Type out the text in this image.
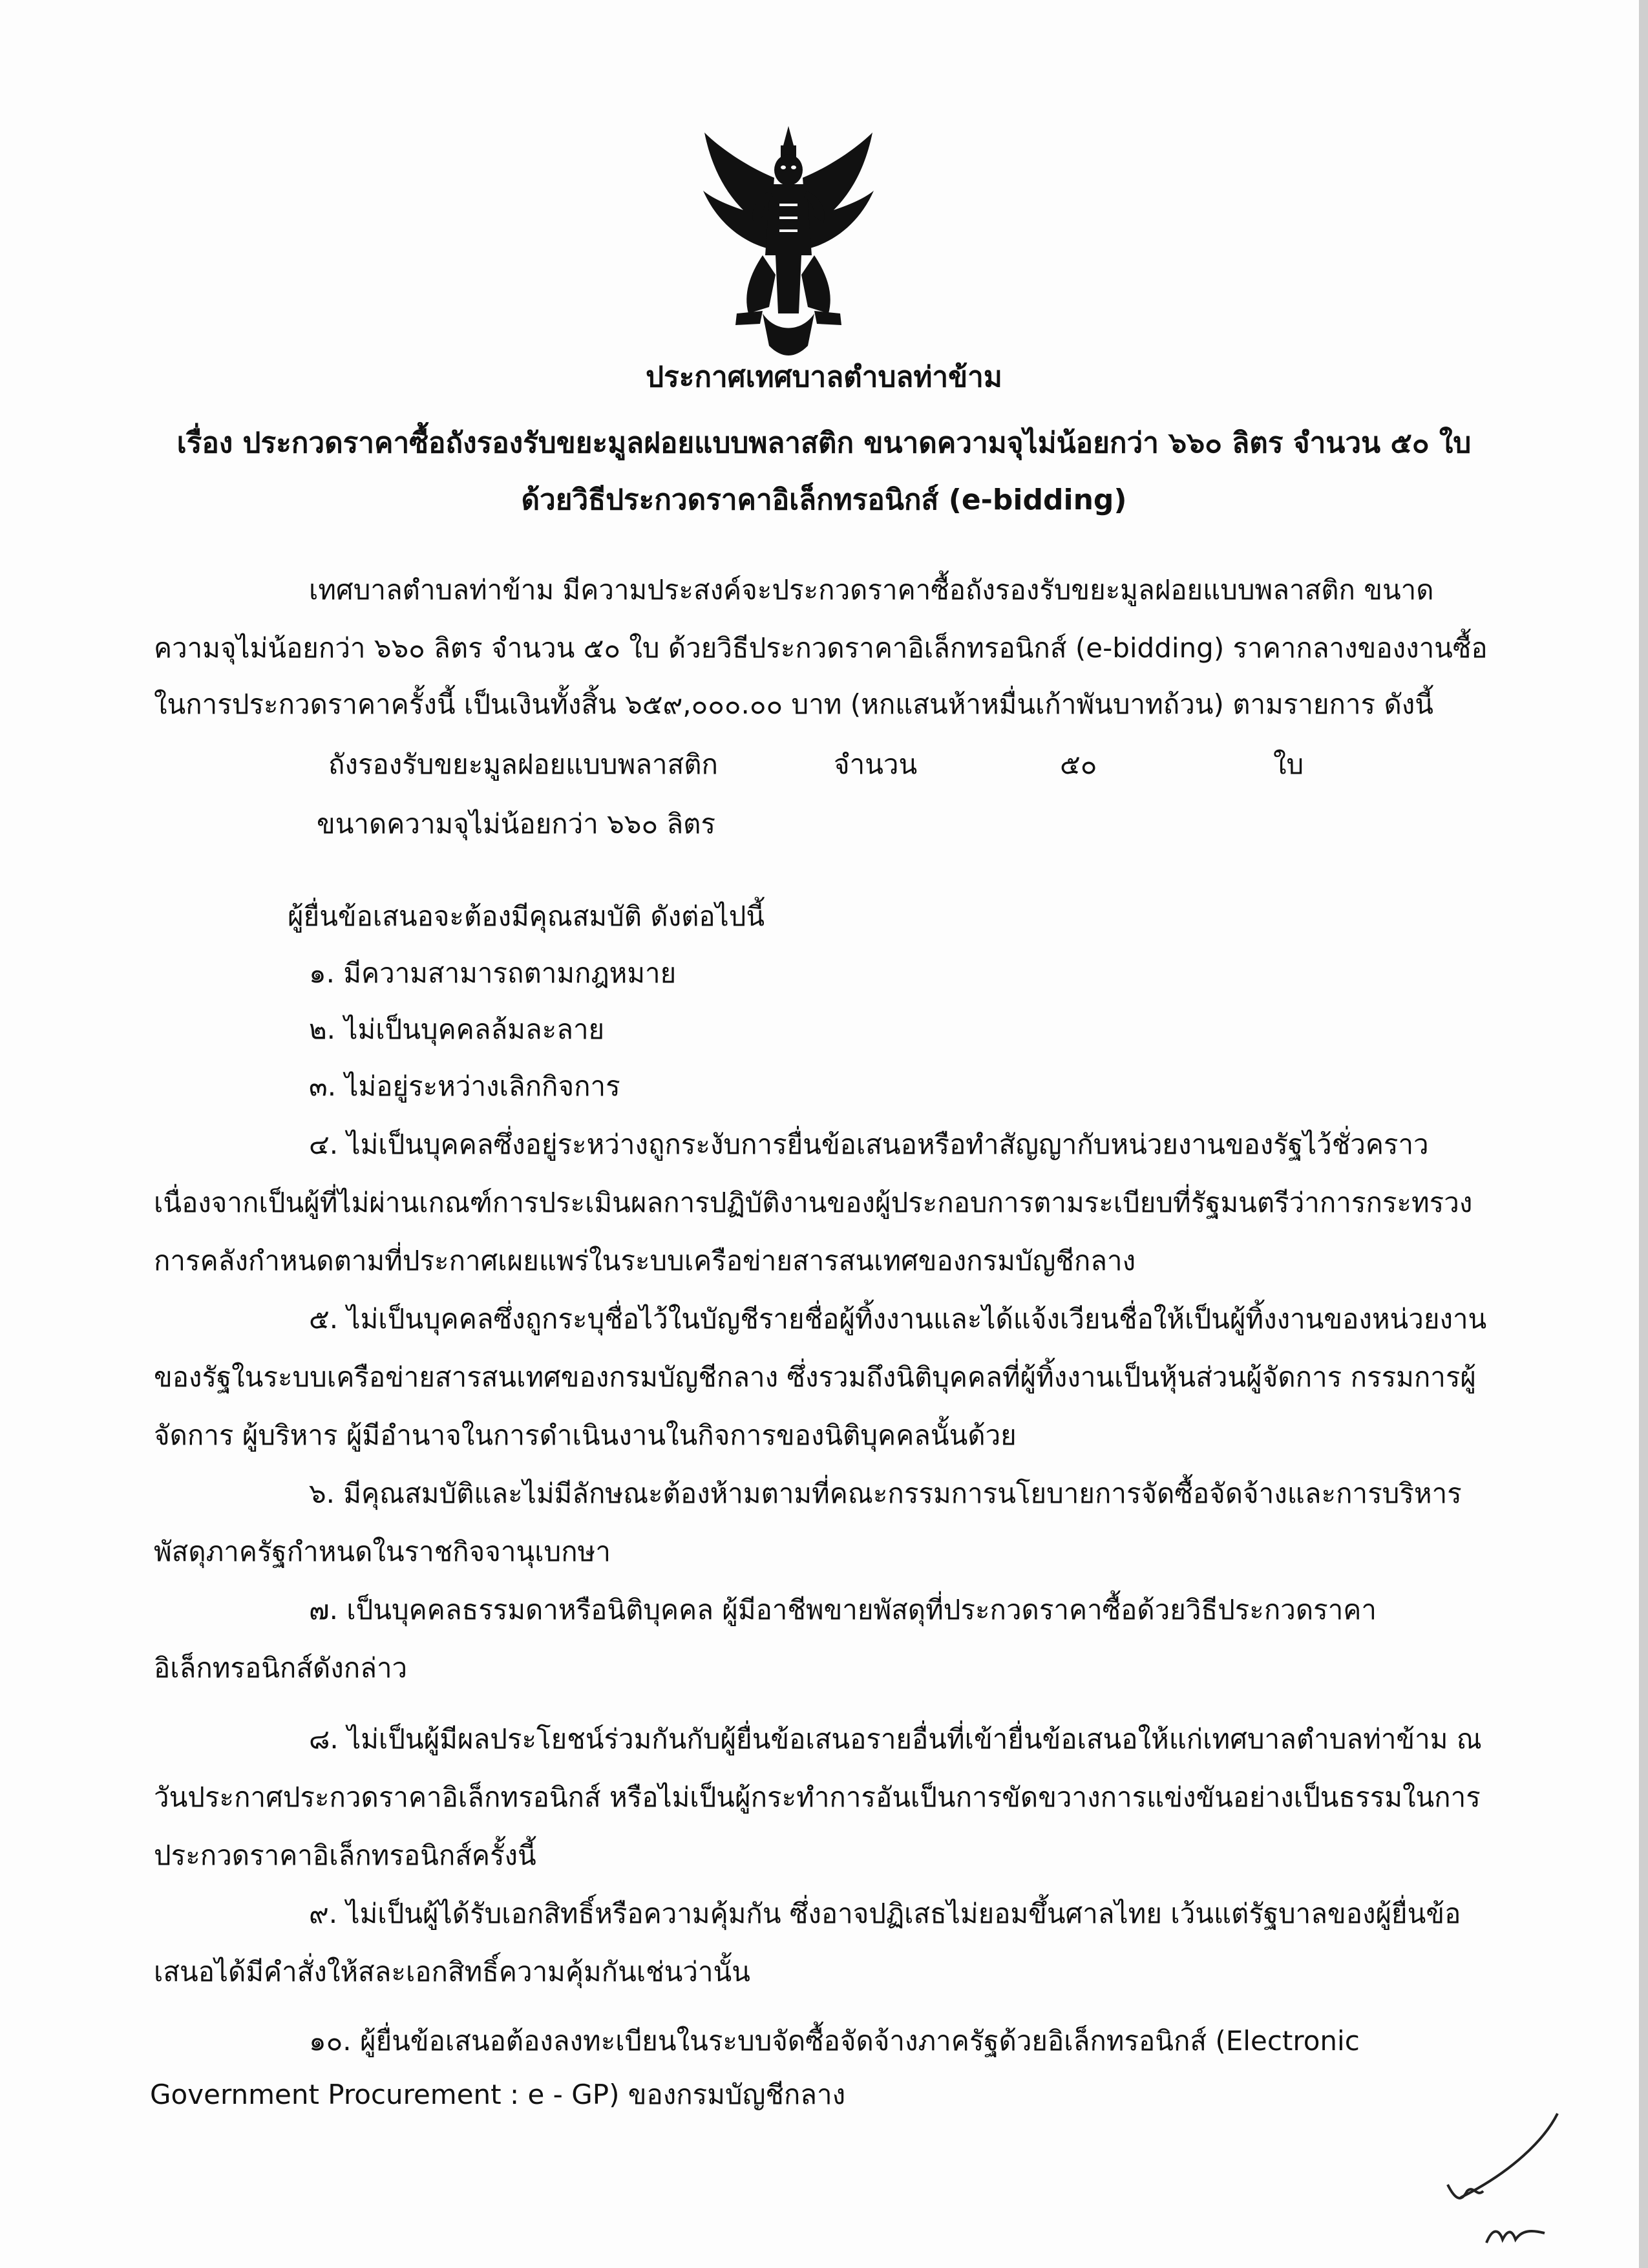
ประกาศเทศบาลตำบลท่าข้าม
เรื่อง ประกวดราคาซื้อถังรองรับขยะมูลฝอยแบบพลาสติก ขนาดความจุไม่น้อยกว่า ๖๖๐ ลิตร จำนวน ๕๐ ใบ
ด้วยวิธีประกวดราคาอิเล็กทรอนิกส์ (e-bidding)
เทศบาลตำบลท่าข้าม มีความประสงค์จะประกวดราคาซื้อถังรองรับขยะมูลฝอยแบบพลาสติก ขนาด
ความจุไม่น้อยกว่า ๖๖๐ ลิตร จำนวน ๕๐ ใบ ด้วยวิธีประกวดราคาอิเล็กทรอนิกส์ (e-bidding) ราคากลางของงานซื้อ
ในการประกวดราคาครั้งนี้ เป็นเงินทั้งสิ้น ๖๕๙,๐๐๐.๐๐ บาท (หกแสนห้าหมื่นเก้าพันบาทถ้วน) ตามรายการ ดังนี้
ถังรองรับขยะมูลฝอยแบบพลาสติก	จำนวน	๕๐	ใบ
ขนาดความจุไม่น้อยกว่า ๖๖๐ ลิตร
ผู้ยื่นข้อเสนอจะต้องมีคุณสมบัติ ดังต่อไปนี้
๑. มีความสามารถตามกฎหมาย
๒. ไม่เป็นบุคคลล้มละลาย
๓. ไม่อยู่ระหว่างเลิกกิจการ
๔. ไม่เป็นบุคคลซึ่งอยู่ระหว่างถูกระงับการยื่นข้อเสนอหรือทำสัญญากับหน่วยงานของรัฐไว้ชั่วคราว
เนื่องจากเป็นผู้ที่ไม่ผ่านเกณฑ์การประเมินผลการปฏิบัติงานของผู้ประกอบการตามระเบียบที่รัฐมนตรีว่าการกระทรวง
การคลังกำหนดตามที่ประกาศเผยแพร่ในระบบเครือข่ายสารสนเทศของกรมบัญชีกลาง
๕. ไม่เป็นบุคคลซึ่งถูกระบุชื่อไว้ในบัญชีรายชื่อผู้ทิ้งงานและได้แจ้งเวียนชื่อให้เป็นผู้ทิ้งงานของหน่วยงาน
ของรัฐในระบบเครือข่ายสารสนเทศของกรมบัญชีกลาง ซึ่งรวมถึงนิติบุคคลที่ผู้ทิ้งงานเป็นหุ้นส่วนผู้จัดการ กรรมการผู้
จัดการ ผู้บริหาร ผู้มีอำนาจในการดำเนินงานในกิจการของนิติบุคคลนั้นด้วย
๖. มีคุณสมบัติและไม่มีลักษณะต้องห้ามตามที่คณะกรรมการนโยบายการจัดซื้อจัดจ้างและการบริหาร
พัสดุภาครัฐกำหนดในราชกิจจานุเบกษา
๗. เป็นบุคคลธรรมดาหรือนิติบุคคล ผู้มีอาชีพขายพัสดุที่ประกวดราคาซื้อด้วยวิธีประกวดราคา
อิเล็กทรอนิกส์ดังกล่าว
๘. ไม่เป็นผู้มีผลประโยชน์ร่วมกันกับผู้ยื่นข้อเสนอรายอื่นที่เข้ายื่นข้อเสนอให้แก่เทศบาลตำบลท่าข้าม ณ
วันประกาศประกวดราคาอิเล็กทรอนิกส์ หรือไม่เป็นผู้กระทำการอันเป็นการขัดขวางการแข่งขันอย่างเป็นธรรมในการ
ประกวดราคาอิเล็กทรอนิกส์ครั้งนี้
๙. ไม่เป็นผู้ได้รับเอกสิทธิ์หรือความคุ้มกัน ซึ่งอาจปฏิเสธไม่ยอมขึ้นศาลไทย เว้นแต่รัฐบาลของผู้ยื่นข้อ
เสนอได้มีคำสั่งให้สละเอกสิทธิ์ความคุ้มกันเช่นว่านั้น
๑๐. ผู้ยื่นข้อเสนอต้องลงทะเบียนในระบบจัดซื้อจัดจ้างภาครัฐด้วยอิเล็กทรอนิกส์ (Electronic
Government Procurement : e - GP) ของกรมบัญชีกลาง
